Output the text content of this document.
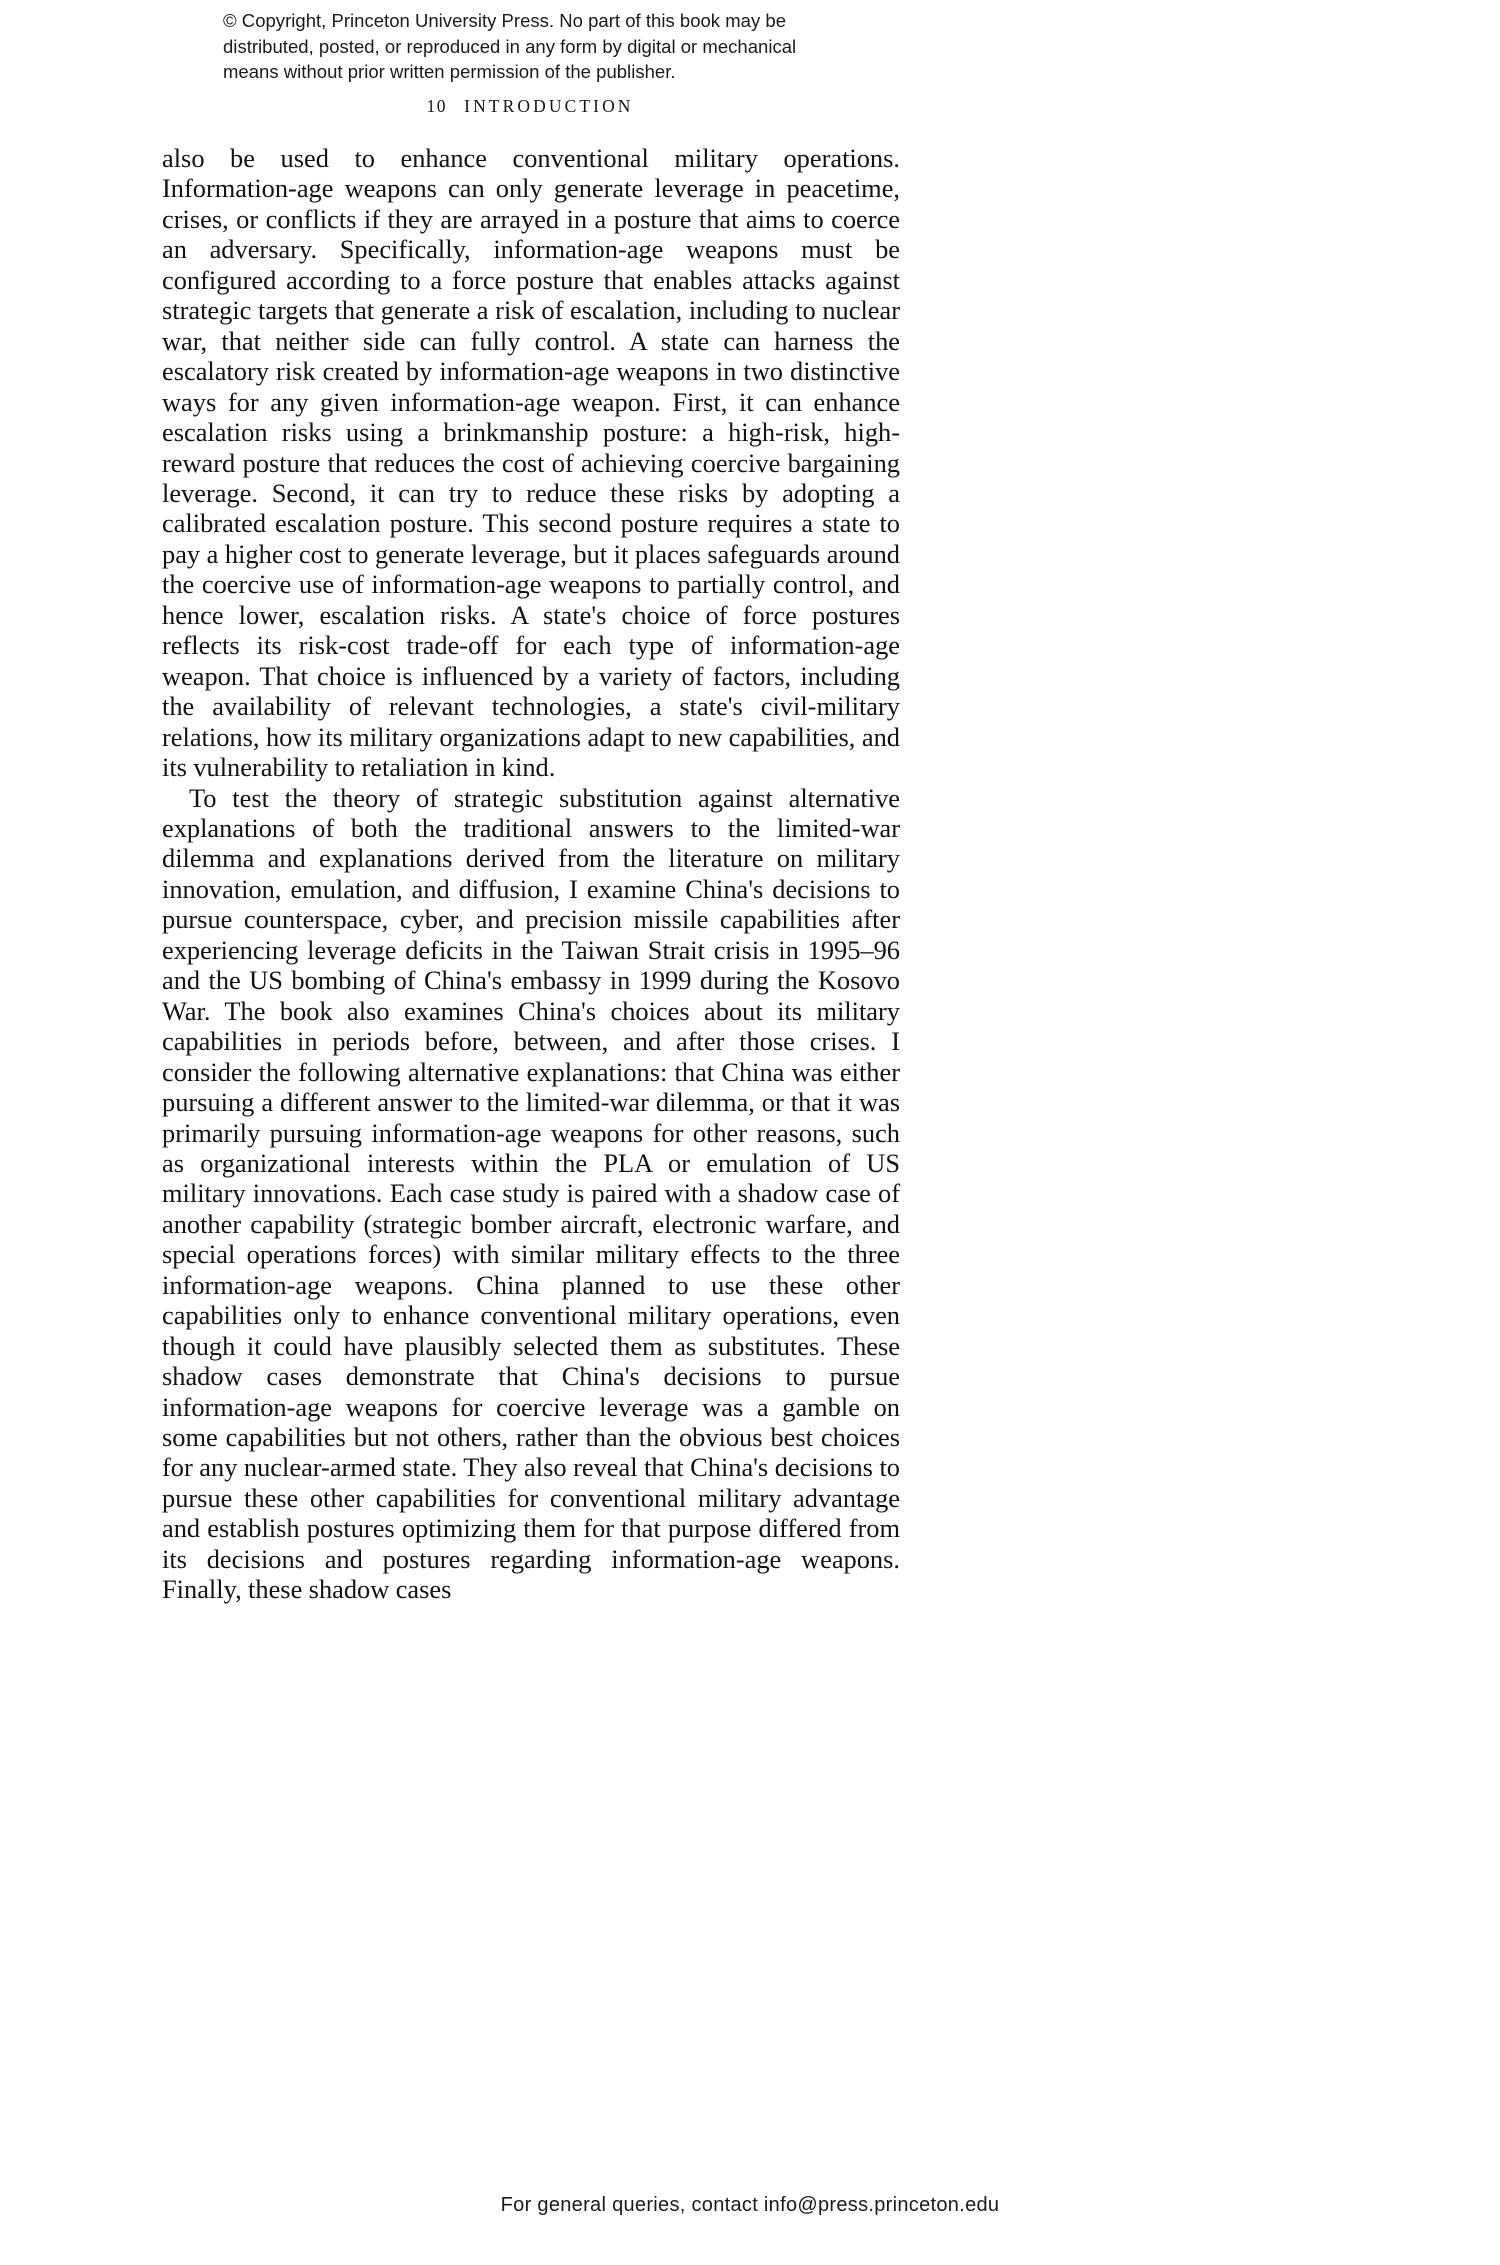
© Copyright, Princeton University Press. No part of this book may be distributed, posted, or reproduced in any form by digital or mechanical means without prior written permission of the publisher.
10 INTRODUCTION

also be used to enhance conventional military operations. Information-age weapons can only generate leverage in peacetime, crises, or conflicts if they are arrayed in a posture that aims to coerce an adversary. Specifically, information-age weapons must be configured according to a force posture that enables attacks against strategic targets that generate a risk of escalation, including to nuclear war, that neither side can fully control. A state can harness the escalatory risk created by information-age weapons in two distinctive ways for any given information-age weapon. First, it can enhance escalation risks using a brinkmanship posture: a high-risk, high-reward posture that reduces the cost of achieving coercive bargaining leverage. Second, it can try to reduce these risks by adopting a calibrated escalation posture. This second posture requires a state to pay a higher cost to generate leverage, but it places safeguards around the coercive use of information-age weapons to partially control, and hence lower, escalation risks. A state's choice of force postures reflects its risk-cost trade-off for each type of information-age weapon. That choice is influenced by a variety of factors, including the availability of relevant technologies, a state's civil-military relations, how its military organizations adapt to new capabilities, and its vulnerability to retaliation in kind.

To test the theory of strategic substitution against alternative explanations of both the traditional answers to the limited-war dilemma and explanations derived from the literature on military innovation, emulation, and diffusion, I examine China's decisions to pursue counterspace, cyber, and precision missile capabilities after experiencing leverage deficits in the Taiwan Strait crisis in 1995–96 and the US bombing of China's embassy in 1999 during the Kosovo War. The book also examines China's choices about its military capabilities in periods before, between, and after those crises. I consider the following alternative explanations: that China was either pursuing a different answer to the limited-war dilemma, or that it was primarily pursuing information-age weapons for other reasons, such as organizational interests within the PLA or emulation of US military innovations. Each case study is paired with a shadow case of another capability (strategic bomber aircraft, electronic warfare, and special operations forces) with similar military effects to the three information-age weapons. China planned to use these other capabilities only to enhance conventional military operations, even though it could have plausibly selected them as substitutes. These shadow cases demonstrate that China's decisions to pursue information-age weapons for coercive leverage was a gamble on some capabilities but not others, rather than the obvious best choices for any nuclear-armed state. They also reveal that China's decisions to pursue these other capabilities for conventional military advantage and establish postures optimizing them for that purpose differed from its decisions and postures regarding information-age weapons. Finally, these shadow cases

For general queries, contact info@press.princeton.edu
